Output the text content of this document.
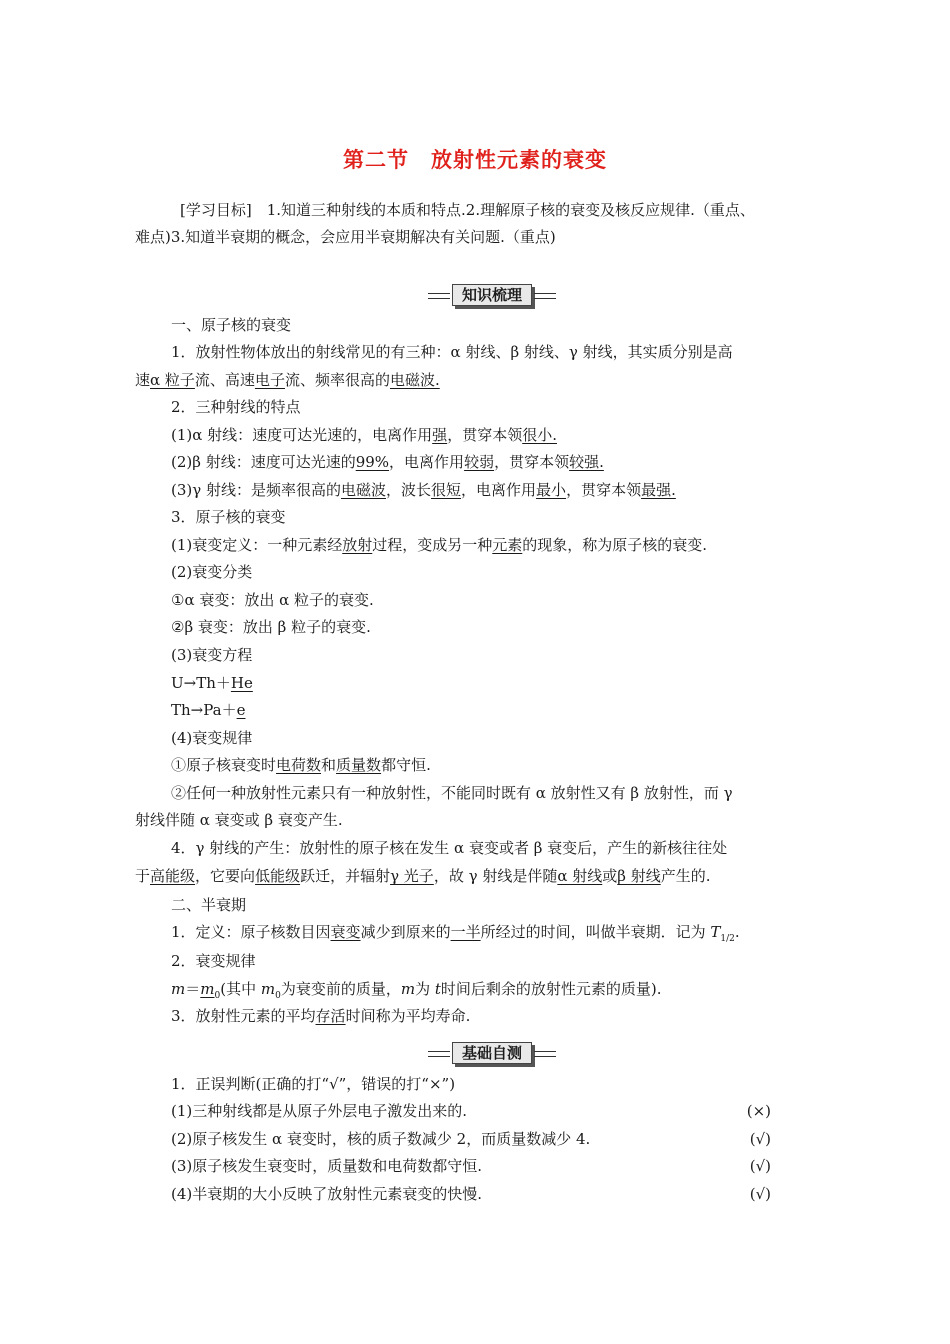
第二节　放射性元素的衰变
[学习目标]　1.知道三种射线的本质和特点.2.理解原子核的衰变及核反应规律.（重点、
难点)3.知道半衰期的概念，会应用半衰期解决有关问题.（重点)
知识梳理
一、原子核的衰变
1．放射性物体放出的射线常见的有三种：α 射线、β 射线、γ 射线，其实质分别是高
速α 粒子流、高速电子流、频率很高的电磁波.
2．三种射线的特点
(1)α 射线：速度可达光速的，电离作用强，贯穿本领很小.
(2)β 射线：速度可达光速的99%，电离作用较弱，贯穿本领较强.
(3)γ 射线：是频率很高的电磁波，波长很短，电离作用最小，贯穿本领最强.
3．原子核的衰变
(1)衰变定义：一种元素经放射过程，变成另一种元素的现象，称为原子核的衰变.
(2)衰变分类
①α 衰变：放出 α 粒子的衰变.
②β 衰变：放出 β 粒子的衰变.
(3)衰变方程
U→Th＋He
Th→Pa＋e
(4)衰变规律
①原子核衰变时电荷数和质量数都守恒.
②任何一种放射性元素只有一种放射性，不能同时既有 α 放射性又有 β 放射性，而 γ
射线伴随 α 衰变或 β 衰变产生.
4．γ 射线的产生：放射性的原子核在发生 α 衰变或者 β 衰变后，产生的新核往往处
于高能级，它要向低能级跃迁，并辐射γ 光子，故 γ 射线是伴随α 射线或β 射线产生的.
二、半衰期
1．定义：原子核数目因衰变减少到原来的一半所经过的时间，叫做半衰期．记为 $T_{1/2}$.
2．衰变规律
$m=m_0$(其中 $m_0$为衰变前的质量，m为 t时间后剩余的放射性元素的质量).
3．放射性元素的平均存活时间称为平均寿命.
基础自测
1．正误判断(正确的打“√”，错误的打“×”)
(1)三种射线都是从原子外层电子激发出来的.	(×)
(2)原子核发生 α 衰变时，核的质子数减少 2，而质量数减少 4.	(√)
(3)原子核发生衰变时，质量数和电荷数都守恒.	(√)
(4)半衰期的大小反映了放射性元素衰变的快慢.	(√)
